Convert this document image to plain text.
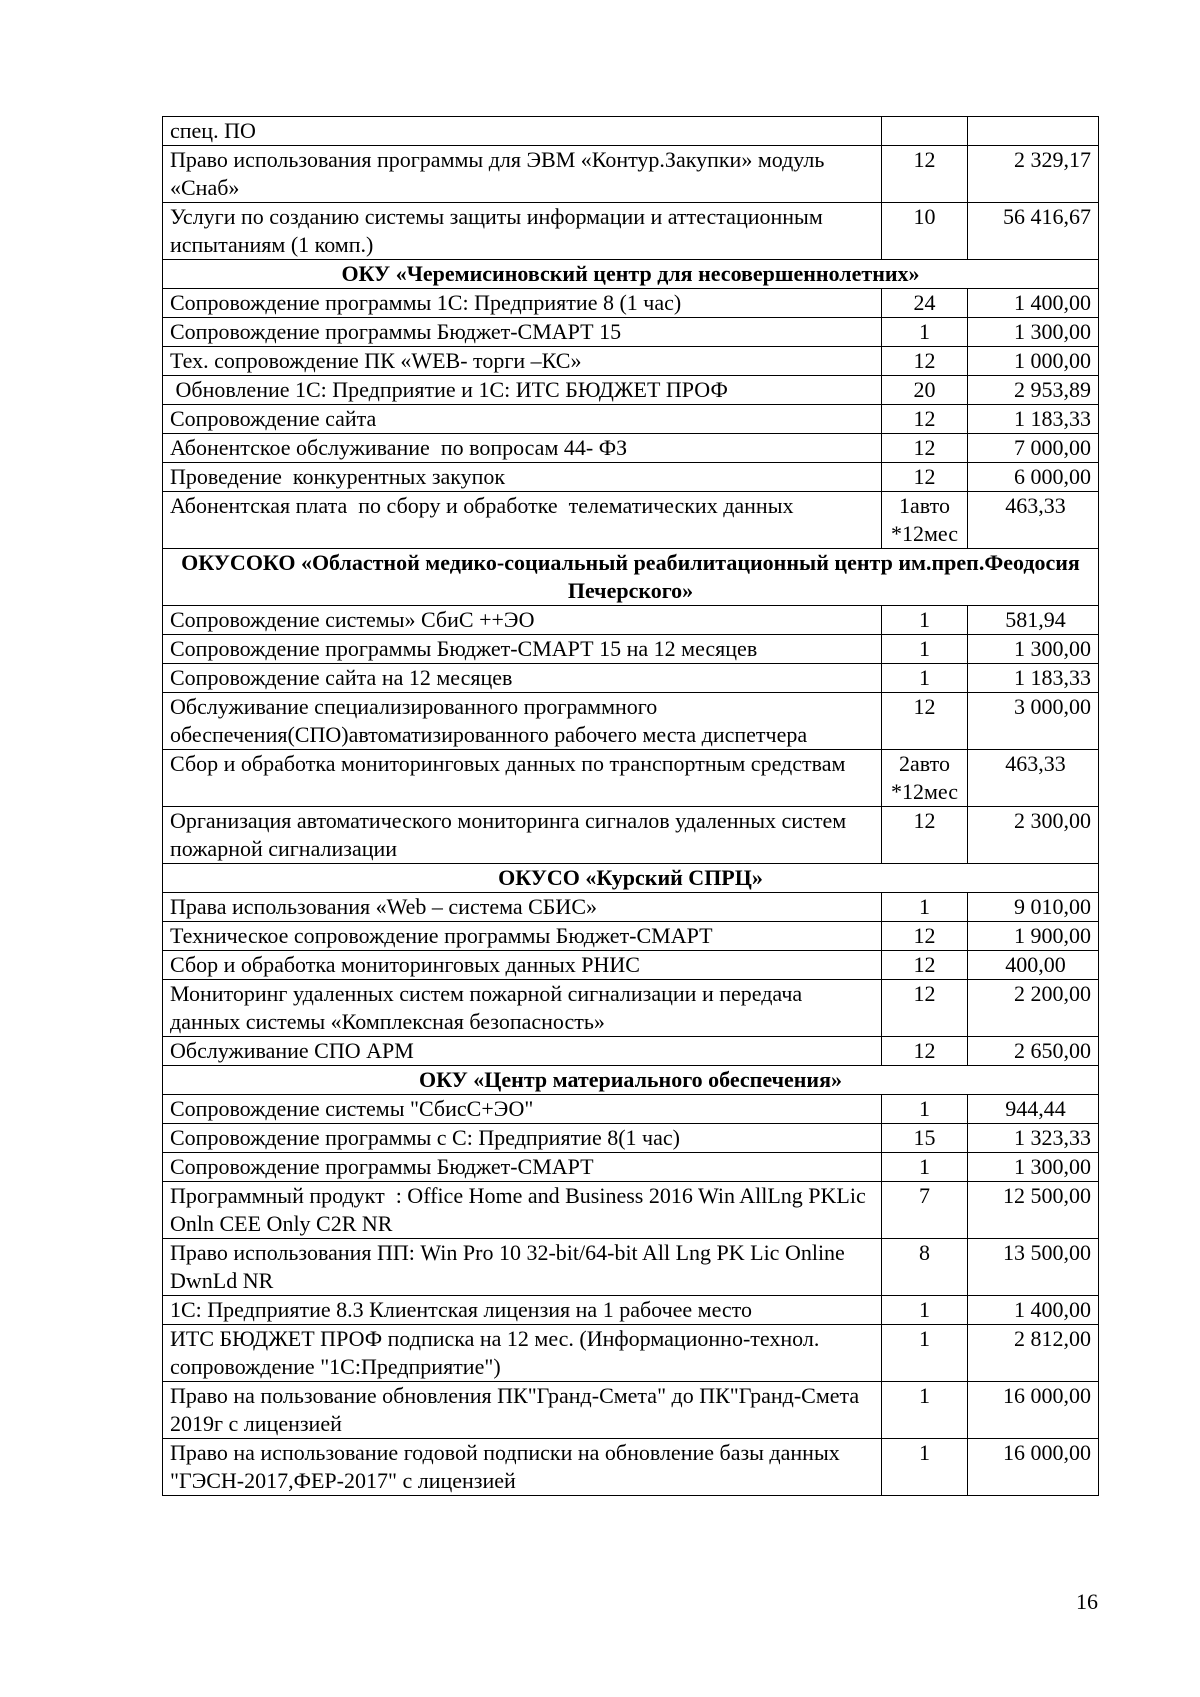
спец. ПО		
Право использования программы для ЭВМ «Контур.Закупки» модуль «Снаб»	12	2 329,17
Услуги по созданию системы защиты информации и аттестационным испытаниям (1 комп.)	10	56 416,67
ОКУ «Черемисиновский центр для несовершеннолетних»		
Сопровождение программы 1С: Предприятие 8 (1 час)	24	1 400,00
Сопровождение программы Бюджет-СМАРТ 15	1	1 300,00
Тех. сопровождение ПК «WEB- торги –КС»	12	1 000,00
Обновление 1С: Предприятие и 1С: ИТС БЮДЖЕТ ПРОФ	20	2 953,89
Сопровождение сайта	12	1 183,33
Абонентское обслуживание  по вопросам 44- ФЗ	12	7 000,00
Проведение  конкурентных закупок	12	6 000,00
Абонентская плата  по сбору и обработке  телематических данных	1авто *12мес	463,33
ОКУСОКО «Областной медико-социальный реабилитационный центр им.преп.Феодосия Печерского»		
Сопровождение системы» СбиС ++ЭО	1	581,94
Сопровождение программы Бюджет-СМАРТ 15 на 12 месяцев	1	1 300,00
Сопровождение сайта на 12 месяцев	1	1 183,33
Обслуживание специализированного программного обеспечения(СПО)автоматизированного рабочего места диспетчера	12	3 000,00
Сбор и обработка мониторинговых данных по транспортным средствам	2авто *12мес	463,33
Организация автоматического мониторинга сигналов удаленных систем пожарной сигнализации	12	2 300,00
ОКУСО «Курский СПРЦ»		
Права использования «Web – система СБИС»	1	9 010,00
Техническое сопровождение программы Бюджет-СМАРТ	12	1 900,00
Сбор и обработка мониторинговых данных РНИС	12	400,00
Мониторинг удаленных систем пожарной сигнализации и передача данных системы «Комплексная безопасность»	12	2 200,00
Обслуживание СПО АРМ	12	2 650,00
ОКУ «Центр материального обеспечения»		
Сопровождение системы "СбисС+ЭО"	1	944,44
Сопровождение программы с С: Предприятие 8(1 час)	15	1 323,33
Сопровождение программы Бюджет-СМАРТ	1	1 300,00
Программный продукт  : Office Home and Business 2016 Win AllLng PKLic Onln CEE Only C2R NR	7	12 500,00
Право использования ПП: Win Pro 10 32-bit/64-bit All Lng PK Lic Online DwnLd NR	8	13 500,00
1С: Предприятие 8.3 Клиентская лицензия на 1 рабочее место	1	1 400,00
ИТС БЮДЖЕТ ПРОФ подписка на 12 мес. (Информационно-технол. сопровождение "1С:Предприятие")	1	2 812,00
Право на пользование обновления ПК"Гранд-Смета" до ПК"Гранд-Смета 2019г с лицензией	1	16 000,00
Право на использование годовой подписки на обновление базы данных "ГЭСН-2017,ФЕР-2017" с лицензией	1	16 000,00
16
